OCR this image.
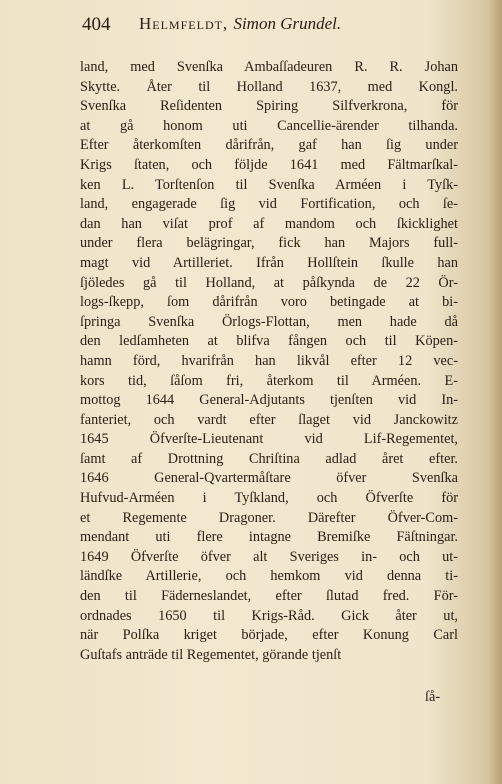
404 Helmfeldt, Simon Grundel.
land, med Svenſka Ambaſſadeuren R. R. Johan
Skytte. Åter til Holland 1637, med Kongl.
Svenſka Reſidenten Spiring Silfverkrona, för
at gå honom uti Cancellie-ärender tilhanda.
Efter återkomſten dårifrån, gaf han ſig under
Krigs ſtaten, och följde 1641 med Fältmarſkal-
ken L. Torſtenſon til Svenſka Arméen i Tyſk-
land, engagerade ſig vid Fortification, och ſe-
dan han viſat prof af mandom och ſkicklighet
under flera belägringar, fick han Majors full-
magt vid Artilleriet. Ifrån Hollſtein ſkulle han
ſjöledes gå til Holland, at påſkynda de 22 Ör-
logs-ſkepp, ſom dårifrån voro betingade at bi-
ſpringa Svenſka Örlogs-Flottan, men hade då
den ledſamheten at blifva fången och til Köpen-
hamn förd, hvarifrån han likvål efter 12 vec-
kors tid, ſåſom fri, återkom til Arméen. E-
mottog 1644 General-Adjutants tjenſten vid In-
fanteriet, och vardt efter ſlaget vid Janckowitz
1645 Öfverſte-Lieutenant vid Lif-Regementet,
ſamt af Drottning Chriſtina adlad året efter.
1646 General-Qvartermåſtare öfver Svenſka
Hufvud-Arméen i Tyſkland, och Öfverſte för
et Regemente Dragoner. Därefter Öfver-Com-
mendant uti flere intagne Bremiſke Fäſtningar.
1649 Öfverſte öfver alt Sveriges in- och ut-
ländſke Artillerie, och hemkom vid denna ti-
den til Fäderneslandet, efter ſlutad fred. För-
ordnades 1650 til Krigs-Råd. Gick åter ut,
när Polſka kriget började, efter Konung Carl
Guſtafs anträde til Regementet, görande tjenſt
ſå-
